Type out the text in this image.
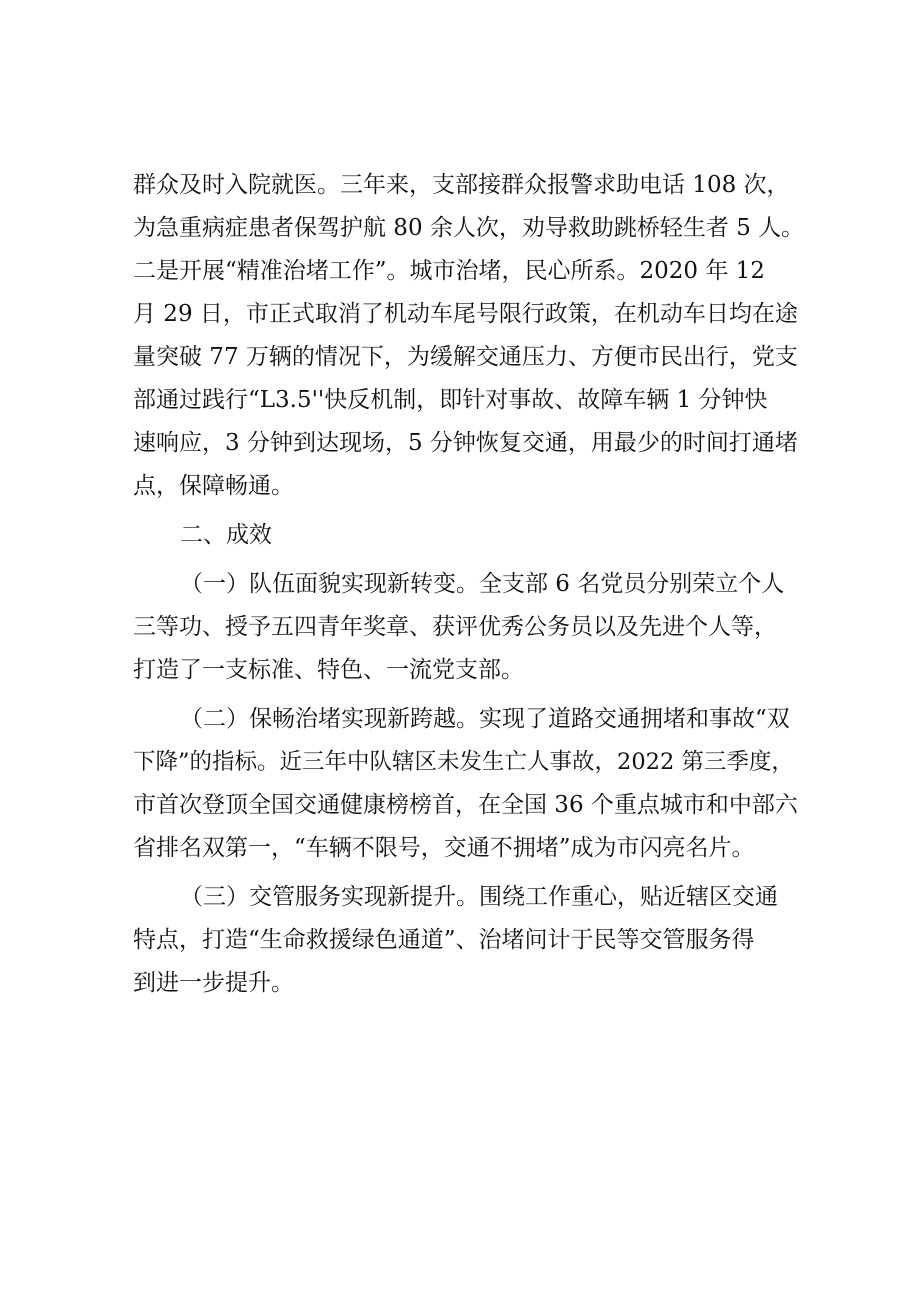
群众及时入院就医。三年来，支部接群众报警求助电话 108 次，
为急重病症患者保驾护航 80 余人次，劝导救助跳桥轻生者 5 人。
二是开展“精准治堵工作”。城市治堵，民心所系。2020 年 12
月 29 日，市正式取消了机动车尾号限行政策，在机动车日均在途
量突破 77 万辆的情况下，为缓解交通压力、方便市民出行，党支
部通过践行“L3.5''快反机制，即针对事故、故障车辆 1 分钟快
速响应，3 分钟到达现场，5 分钟恢复交通，用最少的时间打通堵
点，保障畅通。
二、成效
（一）队伍面貌实现新转变。全支部 6 名党员分别荣立个人
三等功、授予五四青年奖章、获评优秀公务员以及先进个人等，
打造了一支标准、特色、一流党支部。
（二）保畅治堵实现新跨越。实现了道路交通拥堵和事故“双
下降”的指标。近三年中队辖区未发生亡人事故，2022 第三季度，
市首次登顶全国交通健康榜榜首，在全国 36 个重点城市和中部六
省排名双第一，“车辆不限号，交通不拥堵”成为市闪亮名片。
（三）交管服务实现新提升。围绕工作重心，贴近辖区交通
特点，打造“生命救援绿色通道”、治堵问计于民等交管服务得
到进一步提升。
